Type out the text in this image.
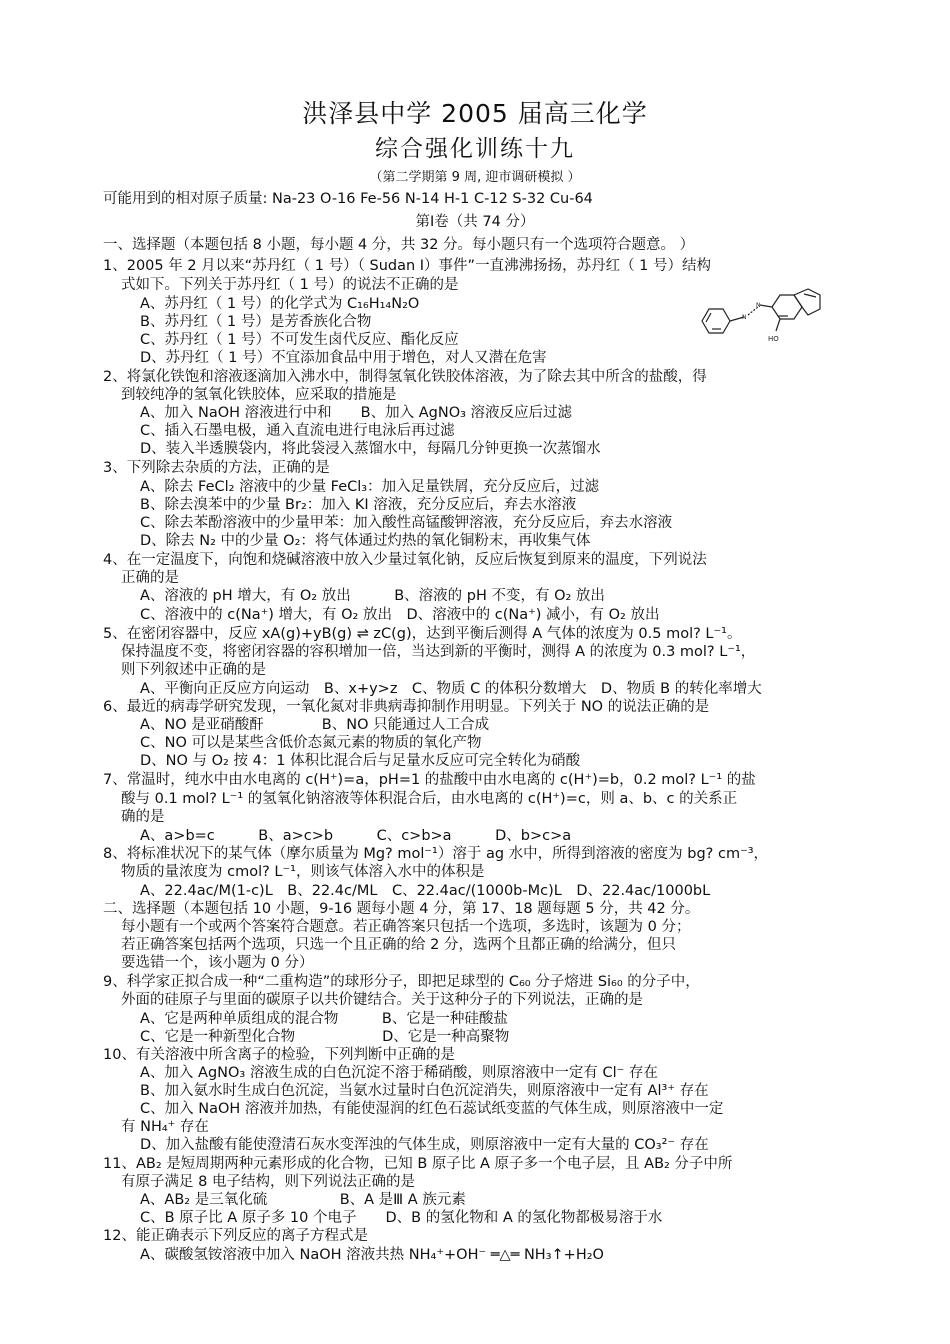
洪泽县中学 2005 届高三化学
综合强化训练十九
（第二学期第 9 周, 迎市调研模拟 ）
可能用到的相对原子质量: Na-23 O-16 Fe-56 N-14 H-1 C-12 S-32 Cu-64
第Ⅰ卷（共 74 分）
一、选择题（本题包括 8 小题，每小题 4 分，共 32 分。每小题只有一个选项符合题意。 ）
1、2005 年 2 月以来“苏丹红（ 1 号）（ Sudan Ⅰ）事件”一直沸沸扬扬，苏丹红（ 1 号）结构
式如下。下列关于苏丹红（ 1 号）的说法不正确的是
A、苏丹红（ 1 号）的化学式为 C₁₆H₁₄N₂O
B、苏丹红（ 1 号）是芳香族化合物
C、苏丹红（ 1 号）不可发生卤代反应、酯化反应
D、苏丹红（ 1 号）不宜添加食品中用于增色，对人又潜在危害
2、将氯化铁饱和溶液逐滴加入沸水中，制得氢氧化铁胶体溶液，为了除去其中所含的盐酸，得
到较纯净的氢氧化铁胶体，应采取的措施是
A、加入 NaOH 溶液进行中和　　B、加入 AgNO₃ 溶液反应后过滤
C、插入石墨电极，通入直流电进行电泳后再过滤
D、装入半透膜袋内，将此袋浸入蒸馏水中，每隔几分钟更换一次蒸馏水
3、下列除去杂质的方法，正确的是
A、除去 FeCl₂ 溶液中的少量 FeCl₃：加入足量铁屑，充分反应后，过滤
B、除去溴苯中的少量 Br₂：加入 KI 溶液，充分反应后，弃去水溶液
C、除去苯酚溶液中的少量甲苯：加入酸性高锰酸钾溶液，充分反应后，弃去水溶液
D、除去 N₂ 中的少量 O₂：将气体通过灼热的氧化铜粉末，再收集气体
4、在一定温度下，向饱和烧碱溶液中放入少量过氧化钠，反应后恢复到原来的温度，下列说法
正确的是
A、溶液的 pH 增大，有 O₂ 放出　　　B、溶液的 pH 不变，有 O₂ 放出
C、溶液中的 c(Na⁺) 增大，有 O₂ 放出　D、溶液中的 c(Na⁺) 减小，有 O₂ 放出
5、在密闭容器中，反应 xA(g)+yB(g) ⇌ zC(g)，达到平衡后测得 A 气体的浓度为 0.5 mol? L⁻¹。
保持温度不变，将密闭容器的容积增加一倍，当达到新的平衡时，测得 A 的浓度为 0.3 mol? L⁻¹，
则下列叙述中正确的是
A、平衡向正反应方向运动　B、x+y>z　C、物质 C 的体积分数增大　D、物质 B 的转化率增大
6、最近的病毒学研究发现，一氧化氮对非典病毒抑制作用明显。下列关于 NO 的说法正确的是
A、NO 是亚硝酸酐　　　　B、NO 只能通过人工合成
C、NO 可以是某些含低价态氮元素的物质的氧化产物
D、NO 与 O₂ 按 4：1 体积比混合后与足量水反应可完全转化为硝酸
7、常温时，纯水中由水电离的 c(H⁺)=a，pH=1 的盐酸中由水电离的 c(H⁺)=b，0.2 mol? L⁻¹ 的盐
酸与 0.1 mol? L⁻¹ 的氢氧化钠溶液等体积混合后，由水电离的 c(H⁺)=c，则 a、b、c 的关系正
确的是
A、a>b=c　　　B、a>c>b　　　C、c>b>a　　　D、b>c>a
8、将标准状况下的某气体（摩尔质量为 Mg? mol⁻¹）溶于 ag 水中，所得到溶液的密度为 bg? cm⁻³，
物质的量浓度为 cmol? L⁻¹，则该气体溶入水中的体积是
A、22.4ac/M(1-c)L　B、22.4c/ML　C、22.4ac/(1000b-Mc)L　D、22.4ac/1000bL
二、选择题（本题包括 10 小题，9-16 题每小题 4 分，第 17、18 题每题 5 分，共 42 分。
每小题有一个或两个答案符合题意。若正确答案只包括一个选项，多选时，该题为 0 分；
若正确答案包括两个选项，只选一个且正确的给 2 分，选两个且都正确的给满分，但只
要选错一个，该小题为 0 分）
9、科学家正拟合成一种“二重构造”的球形分子，即把足球型的 C₆₀ 分子熔进 Si₆₀ 的分子中，
外面的硅原子与里面的碳原子以共价键结合。关于这种分子的下列说法，正确的是
A、它是两种单质组成的混合物　　　B、它是一种硅酸盐
C、它是一种新型化合物　　　　　　D、它是一种高聚物
10、有关溶液中所含离子的检验，下列判断中正确的是
A、加入 AgNO₃ 溶液生成的白色沉淀不溶于稀硝酸，则原溶液中一定有 Cl⁻ 存在
B、加入氨水时生成白色沉淀，当氨水过量时白色沉淀消失，则原溶液中一定有 Al³⁺ 存在
C、加入 NaOH 溶液并加热，有能使湿润的红色石蕊试纸变蓝的气体生成，则原溶液中一定
有 NH₄⁺ 存在
D、加入盐酸有能使澄清石灰水变浑浊的气体生成，则原溶液中一定有大量的 CO₃²⁻ 存在
11、AB₂ 是短周期两种元素形成的化合物，已知 B 原子比 A 原子多一个电子层，且 AB₂ 分子中所
有原子满足 8 电子结构，则下列说法正确的是
A、AB₂ 是三氧化硫　　　　　B、A 是Ⅲ A 族元素
C、B 原子比 A 原子多 10 个电子　　D、B 的氢化物和 A 的氢化物都极易溶于水
12、能正确表示下列反应的离子方程式是
A、碳酸氢铵溶液中加入 NaOH 溶液共热 NH₄⁺+OH⁻ ═△═ NH₃↑+H₂O
N
N
HO
